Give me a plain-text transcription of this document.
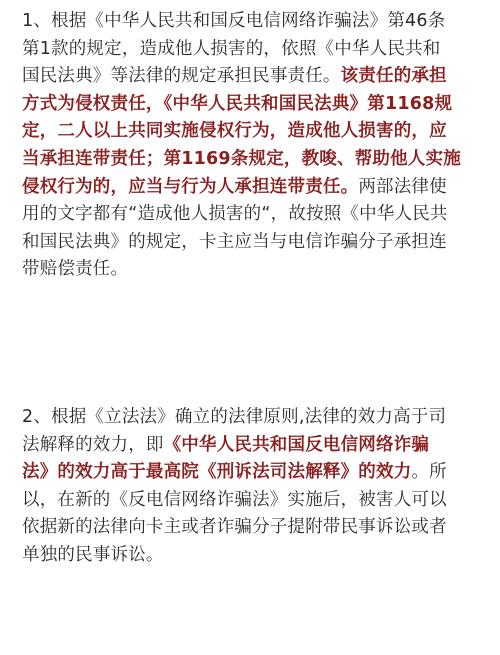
1、根据《中华人民共和国反电信网络诈骗法》第46条
第1款的规定，造成他人损害的，依照《中华人民共和
国民法典》等法律的规定承担民事责任。该责任的承担
方式为侵权责任，《中华人民共和国民法典》第1168规
定，二人以上共同实施侵权行为，造成他人损害的，应
当承担连带责任；第1169条规定，教唆、帮助他人实施
侵权行为的，应当与行为人承担连带责任。两部法律使
用的文字都有“造成他人损害的“，故按照《中华人民共
和国民法典》的规定，卡主应当与电信诈骗分子承担连
带赔偿责任。
2、根据《立法法》确立的法律原则,法律的效力高于司
法解释的效力，即《中华人民共和国反电信网络诈骗
法》的效力高于最高院《刑诉法司法解释》的效力。所
以，在新的《反电信网络诈骗法》实施后，被害人可以
依据新的法律向卡主或者诈骗分子提附带民事诉讼或者
单独的民事诉讼。
